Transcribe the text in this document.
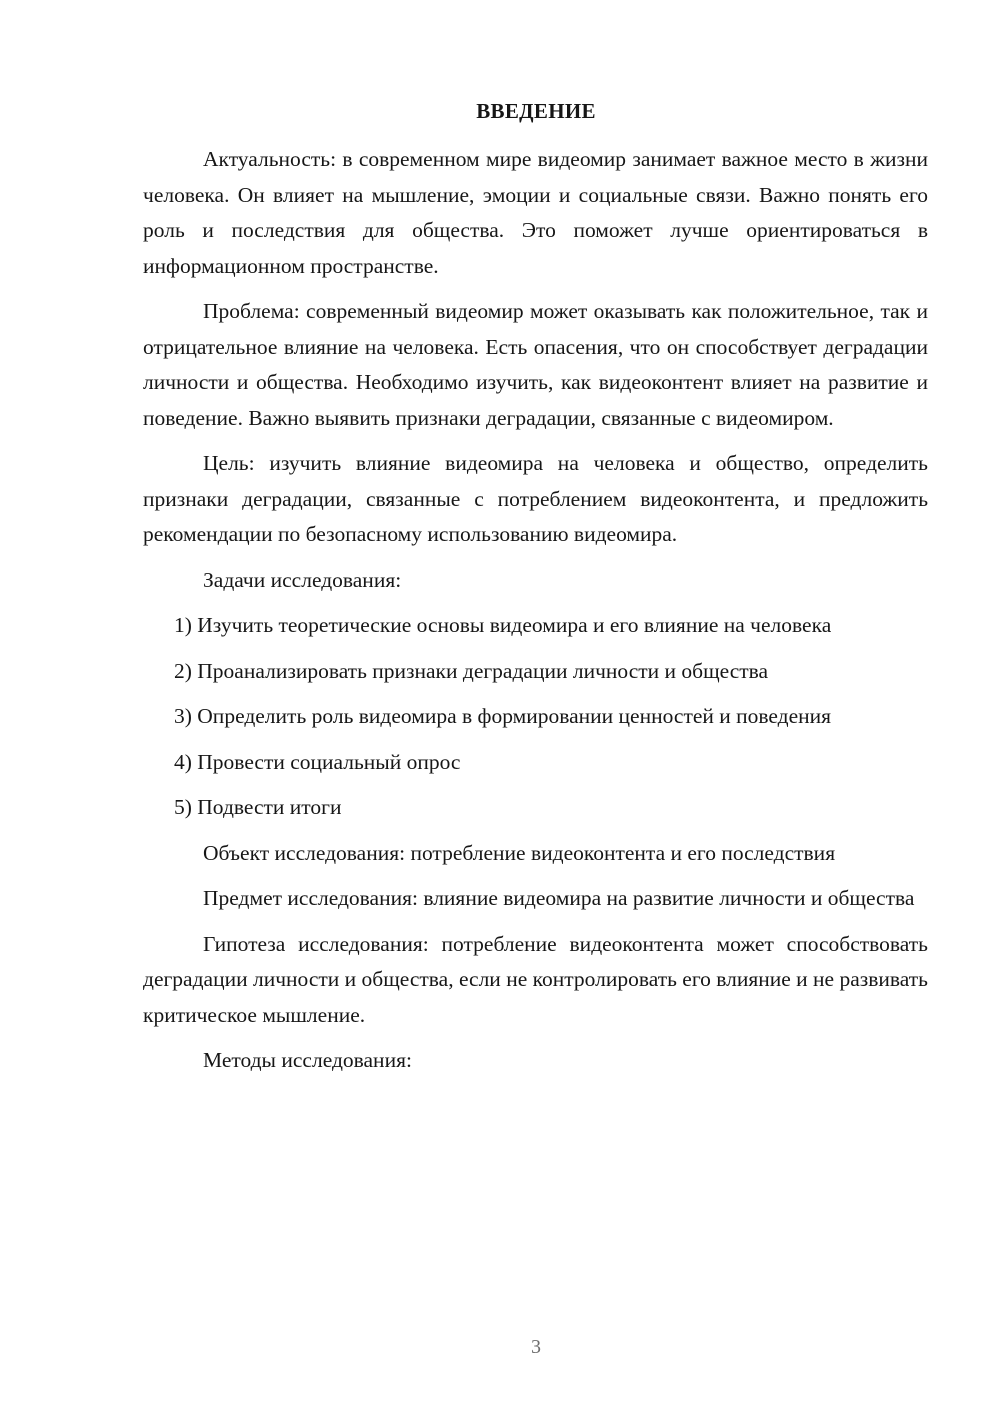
ВВЕДЕНИЕ

Актуальность: в современном мире видеомир занимает важное место в жизни человека. Он влияет на мышление, эмоции и социальные связи. Важно понять его роль и последствия для общества. Это поможет лучше ориентироваться в информационном пространстве.

Проблема: современный видеомир может оказывать как положительное, так и отрицательное влияние на человека. Есть опасения, что он способствует деградации личности и общества. Необходимо изучить, как видеоконтент влияет на развитие и поведение. Важно выявить признаки деградации, связанные с видеомиром.

Цель: изучить влияние видеомира на человека и общество, определить признаки деградации, связанные с потреблением видеоконтента, и предложить рекомендации по безопасному использованию видеомира.

Задачи исследования:

1) Изучить теоретические основы видеомира и его влияние на человека

2) Проанализировать признаки деградации личности и общества

3) Определить роль видеомира в формировании ценностей и поведения

4) Провести социальный опрос

5) Подвести итоги

Объект исследования: потребление видеоконтента и его последствия

Предмет исследования: влияние видеомира на развитие личности и общества

Гипотеза исследования: потребление видеоконтента может способствовать деградации личности и общества, если не контролировать его влияние и не развивать критическое мышление.

Методы исследования:

3
